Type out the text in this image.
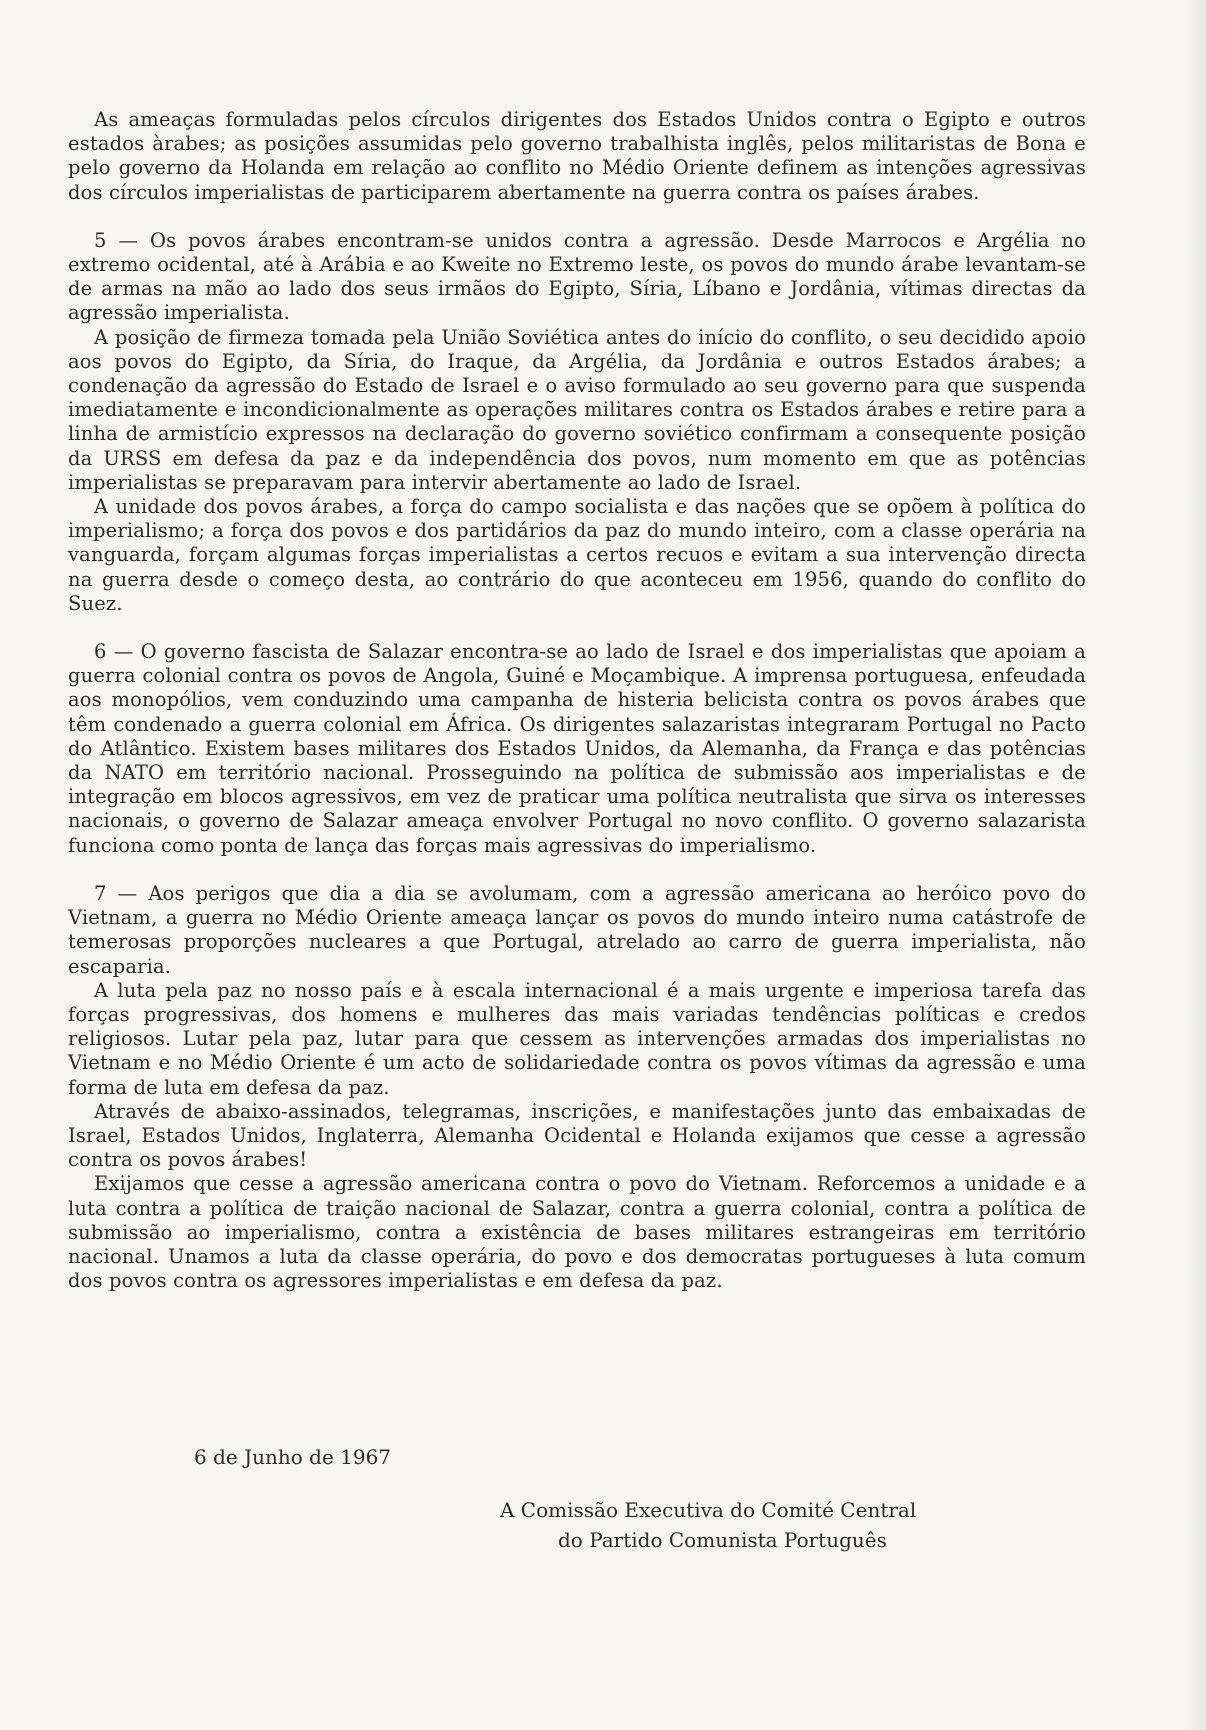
As ameaças formuladas pelos círculos dirigentes dos Estados Unidos contra o Egipto e outros estados àrabes; as posições assumidas pelo governo trabalhista inglês, pelos militaristas de Bona e pelo governo da Holanda em relação ao conflito no Médio Oriente definem as intenções agressivas dos círculos imperialistas de participarem abertamente na guerra contra os países árabes.

5 — Os povos árabes encontram-se unidos contra a agressão. Desde Marrocos e Argélia no extremo ocidental, até à Arábia e ao Kweite no Extremo leste, os povos do mundo árabe levantam-se de armas na mão ao lado dos seus irmãos do Egipto, Síria, Líbano e Jordânia, vítimas directas da agressão imperialista.

A posição de firmeza tomada pela União Soviética antes do início do conflito, o seu decidido apoio aos povos do Egipto, da Síria, do Iraque, da Argélia, da Jordânia e outros Estados árabes; a condenação da agressão do Estado de Israel e o aviso formulado ao seu governo para que suspenda imediatamente e incondicionalmente as operações militares contra os Estados árabes e retire para a linha de armistício expressos na declaração do governo soviético confirmam a consequente posição da URSS em defesa da paz e da independência dos povos, num momento em que as potências imperialistas se preparavam para intervir abertamente ao lado de Israel.

A unidade dos povos árabes, a força do campo socialista e das nações que se opõem à política do imperialismo; a força dos povos e dos partidários da paz do mundo inteiro, com a classe operária na vanguarda, forçam algumas forças imperialistas a certos recuos e evitam a sua intervenção directa na guerra desde o começo desta, ao contrário do que aconteceu em 1956, quando do conflito do Suez.

6 — O governo fascista de Salazar encontra-se ao lado de Israel e dos imperialistas que apoiam a guerra colonial contra os povos de Angola, Guiné e Moçambique. A imprensa portuguesa, enfeudada aos monopólios, vem conduzindo uma campanha de histeria belicista contra os povos árabes que têm condenado a guerra colonial em África. Os dirigentes salazaristas integraram Portugal no Pacto do Atlântico. Existem bases militares dos Estados Unidos, da Alemanha, da França e das potências da NATO em território nacional. Prosseguindo na política de submissão aos imperialistas e de integração em blocos agressivos, em vez de praticar uma política neutralista que sirva os interesses nacionais, o governo de Salazar ameaça envolver Portugal no novo conflito. O governo salazarista funciona como ponta de lança das forças mais agressivas do imperialismo.

7 — Aos perigos que dia a dia se avolumam, com a agressão americana ao heróico povo do Vietnam, a guerra no Médio Oriente ameaça lançar os povos do mundo inteiro numa catástrofe de temerosas proporções nucleares a que Portugal, atrelado ao carro de guerra imperialista, não escaparia.

A luta pela paz no nosso país e à escala internacional é a mais urgente e imperiosa tarefa das forças progressivas, dos homens e mulheres das mais variadas tendências políticas e credos religiosos. Lutar pela paz, lutar para que cessem as intervenções armadas dos imperialistas no Vietnam e no Médio Oriente é um acto de solidariedade contra os povos vítimas da agressão e uma forma de luta em defesa da paz.

Através de abaixo-assinados, telegramas, inscrições, e manifestações junto das embaixadas de Israel, Estados Unidos, Inglaterra, Alemanha Ocidental e Holanda exijamos que cesse a agressão contra os povos árabes!

Exijamos que cesse a agressão americana contra o povo do Vietnam. Reforcemos a unidade e a luta contra a política de traição nacional de Salazar, contra a guerra colonial, contra a política de submissão ao imperialismo, contra a existência de bases militares estrangeiras em território nacional. Unamos a luta da classe operária, do povo e dos democratas portugueses à luta comum dos povos contra os agressores imperialistas e em defesa da paz.

6 de Junho de 1967
A Comissão Executiva do Comité Central
do Partido Comunista Português
